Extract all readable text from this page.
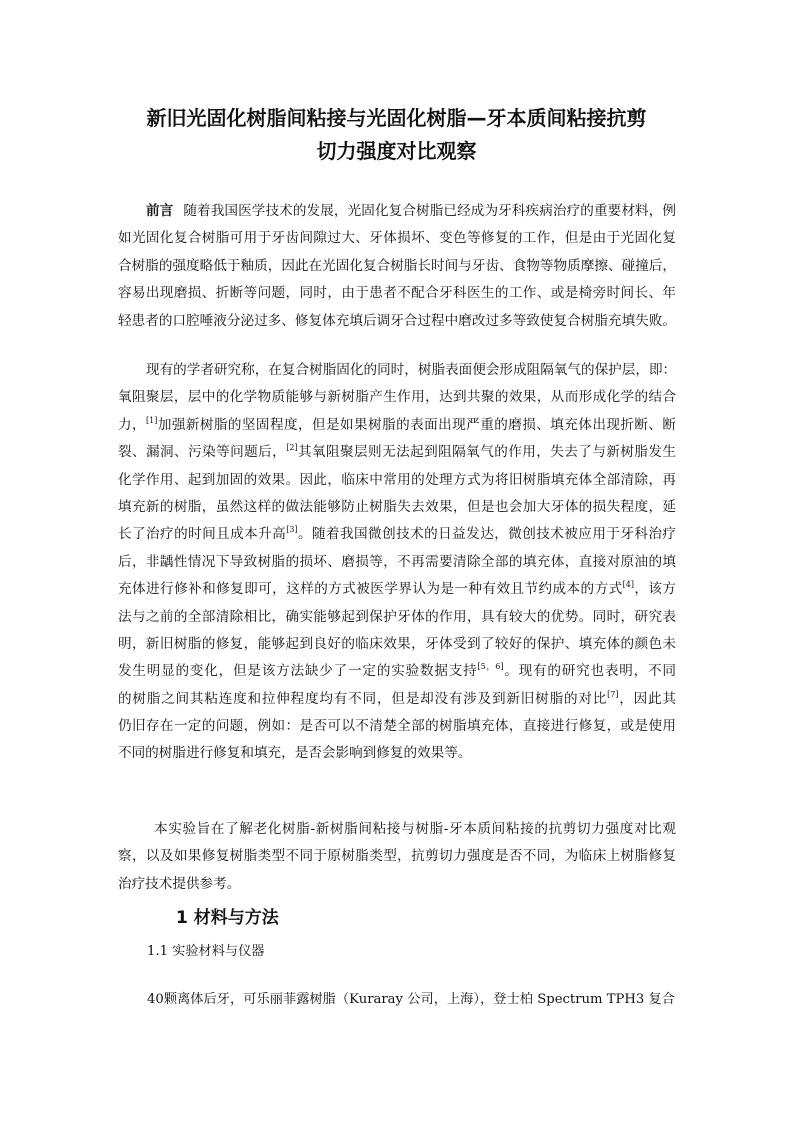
新旧光固化树脂间粘接与光固化树脂—牙本质间粘接抗剪
切力强度对比观察
前言 随着我国医学技术的发展，光固化复合树脂已经成为牙科疾病治疗的重要材料，例
如光固化复合树脂可用于牙齿间隙过大、牙体损坏、变色等修复的工作，但是由于光固化复
合树脂的强度略低于釉质，因此在光固化复合树脂长时间与牙齿、食物等物质摩擦、碰撞后，
容易出现磨损、折断等问题，同时，由于患者不配合牙科医生的工作、或是椅旁时间长、年
轻患者的口腔唾液分泌过多、修复体充填后调牙合过程中磨改过多等致使复合树脂充填失败。
现有的学者研究称，在复合树脂固化的同时，树脂表面便会形成阻隔氧气的保护层，即：
氧阻聚层，层中的化学物质能够与新树脂产生作用，达到共聚的效果，从而形成化学的结合
力，[1]加强新树脂的坚固程度，但是如果树脂的表面出现严重的磨损、填充体出现折断、断
裂、漏洞、污染等问题后，[2]其氧阻聚层则无法起到阻隔氧气的作用，失去了与新树脂发生
化学作用、起到加固的效果。因此，临床中常用的处理方式为将旧树脂填充体全部清除，再
填充新的树脂，虽然这样的做法能够防止树脂失去效果，但是也会加大牙体的损失程度，延
长了治疗的时间且成本升高[3]。随着我国微创技术的日益发达，微创技术被应用于牙科治疗
后，非龋性情况下导致树脂的损坏、磨损等，不再需要清除全部的填充体，直接对原油的填
充体进行修补和修复即可，这样的方式被医学界认为是一种有效且节约成本的方式[4]，该方
法与之前的全部清除相比，确实能够起到保护牙体的作用，具有较大的优势。同时，研究表
明，新旧树脂的修复，能够起到良好的临床效果，牙体受到了较好的保护、填充体的颜色未
发生明显的变化，但是该方法缺少了一定的实验数据支持[5，6]。现有的研究也表明，不同
的树脂之间其粘连度和拉伸程度均有不同，但是却没有涉及到新旧树脂的对比[7]，因此其
仍旧存在一定的问题，例如：是否可以不清楚全部的树脂填充体，直接进行修复，或是使用
不同的树脂进行修复和填充，是否会影响到修复的效果等。
本实验旨在了解老化树脂-新树脂间粘接与树脂-牙本质间粘接的抗剪切力强度对比观
察，以及如果修复树脂类型不同于原树脂类型，抗剪切力强度是否不同，为临床上树脂修复
治疗技术提供参考。
1 材料与方法

1.1 实验材料与仪器

40颗离体后牙，可乐丽菲露树脂（Kuraray 公司，上海），登士柏 Spectrum TPH3 复合
